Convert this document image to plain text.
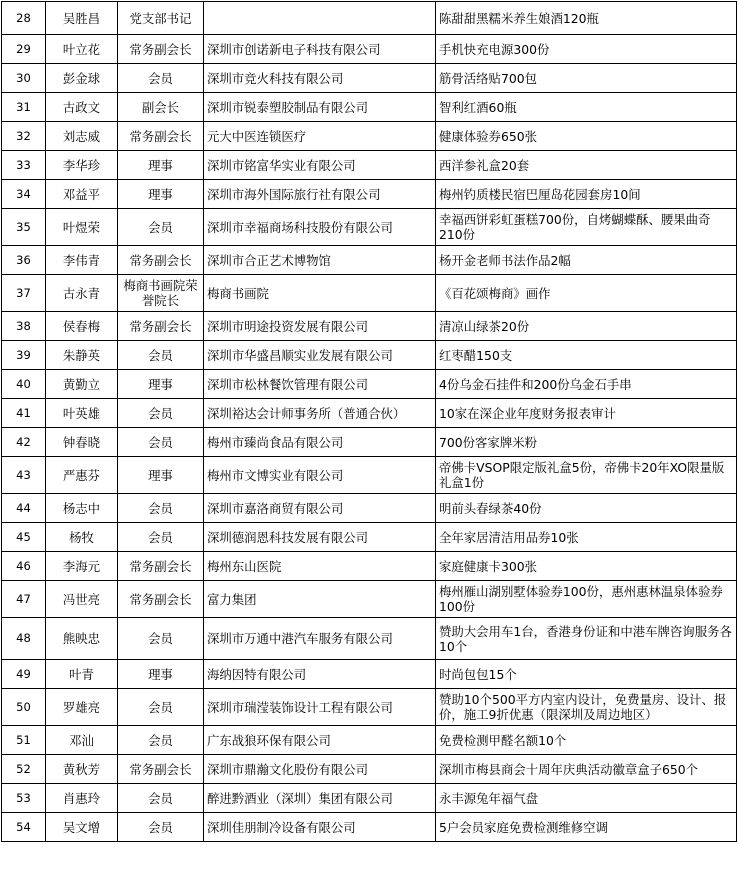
28	吴胜昌	党支部书记		陈甜甜黑糯米养生娘酒120瓶
29	叶立花	常务副会长	深圳市创诺新电子科技有限公司	手机快充电源300份
30	彭金球	会员	深圳市竞火科技有限公司	筋骨活络贴700包
31	古政文	副会长	深圳市锐泰塑胶制品有限公司	智利红酒60瓶
32	刘志威	常务副会长	元大中医连锁医疗	健康体验券650张
33	李华珍	理事	深圳市铭富华实业有限公司	西洋参礼盒20套
34	邓益平	理事	深圳市海外国际旅行社有限公司	梅州钓质楼民宿巴厘岛花园套房10间
35	叶煜荣	会员	深圳市幸福商场科技股份有限公司	幸福西饼彩虹蛋糕700份，自烤蝴蝶酥、腰果曲奇210份
36	李伟青	常务副会长	深圳市合正艺术博物馆	杨开金老师书法作品2幅
37	古永青	梅商书画院荣誉院长	梅商书画院	《百花颂梅商》画作
38	侯春梅	常务副会长	深圳市明途投资发展有限公司	清凉山绿茶20份
39	朱静英	会员	深圳市华盛昌顺实业发展有限公司	红枣醋150支
40	黄勤立	理事	深圳市松林餐饮管理有限公司	4份乌金石挂件和200份乌金石手串
41	叶英雄	会员	深圳裕达会计师事务所（普通合伙）	10家在深企业年度财务报表审计
42	钟春晓	会员	梅州市臻尚食品有限公司	700份客家牌米粉
43	严惠芬	理事	梅州市文博实业有限公司	帝佛卡VSOP限定版礼盒5份，帝佛卡20年XO限量版礼盒1份
44	杨志中	会员	深圳市嘉洛商贸有限公司	明前头春绿茶40份
45	杨牧	会员	深圳德润恩科技发展有限公司	全年家居清洁用品券10张
46	李海元	常务副会长	梅州东山医院	家庭健康卡300张
47	冯世亮	常务副会长	富力集团	梅州雁山湖别墅体验券100份，惠州惠林温泉体验券100份
48	熊映忠	会员	深圳市万通中港汽车服务有限公司	赞助大会用车1台，香港身份证和中港车牌咨询服务各10个
49	叶青	理事	海纳因特有限公司	时尚包包15个
50	罗雄亮	会员	深圳市瑞滢装饰设计工程有限公司	赞助10个500平方内室内设计，免费量房、设计、报价，施工9折优惠（限深圳及周边地区）
51	邓汕	会员	广东战狼环保有限公司	免费检测甲醛名额10个
52	黄秋芳	常务副会长	深圳市鼎瀚文化股份有限公司	深圳市梅县商会十周年庆典活动徽章盒子650个
53	肖惠玲	会员	醉进黔酒业（深圳）集团有限公司	永丰源兔年福气盘
54	吴文增	会员	深圳佳朋制冷设备有限公司	5户会员家庭免费检测维修空调
